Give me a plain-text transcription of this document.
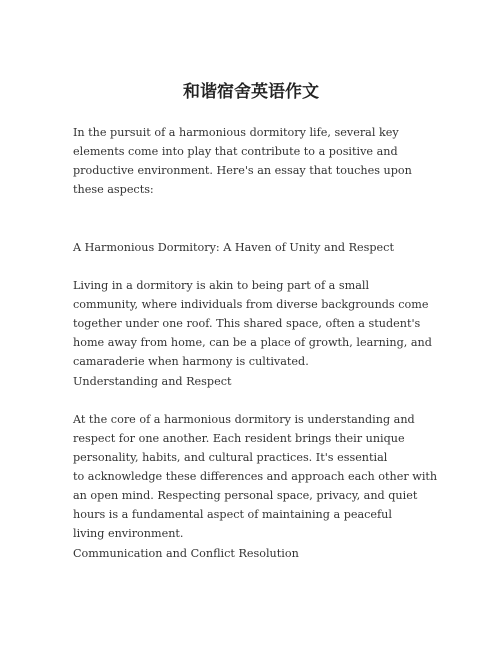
和谐宿舍英语作文
In the pursuit of a harmonious dormitory life, several key
elements come into play that contribute to a positive and
productive environment. Here's an essay that touches upon
these aspects:
A Harmonious Dormitory: A Haven of Unity and Respect
Living in a dormitory is akin to being part of a small
community, where individuals from diverse backgrounds come
together under one roof. This shared space, often a student's
home away from home, can be a place of growth, learning, and
camaraderie when harmony is cultivated.
Understanding and Respect
At the core of a harmonious dormitory is understanding and
respect for one another. Each resident brings their unique
personality, habits, and cultural practices. It's essential
to acknowledge these differences and approach each other with
an open mind. Respecting personal space, privacy, and quiet
hours is a fundamental aspect of maintaining a peaceful
living environment.
Communication and Conflict Resolution
